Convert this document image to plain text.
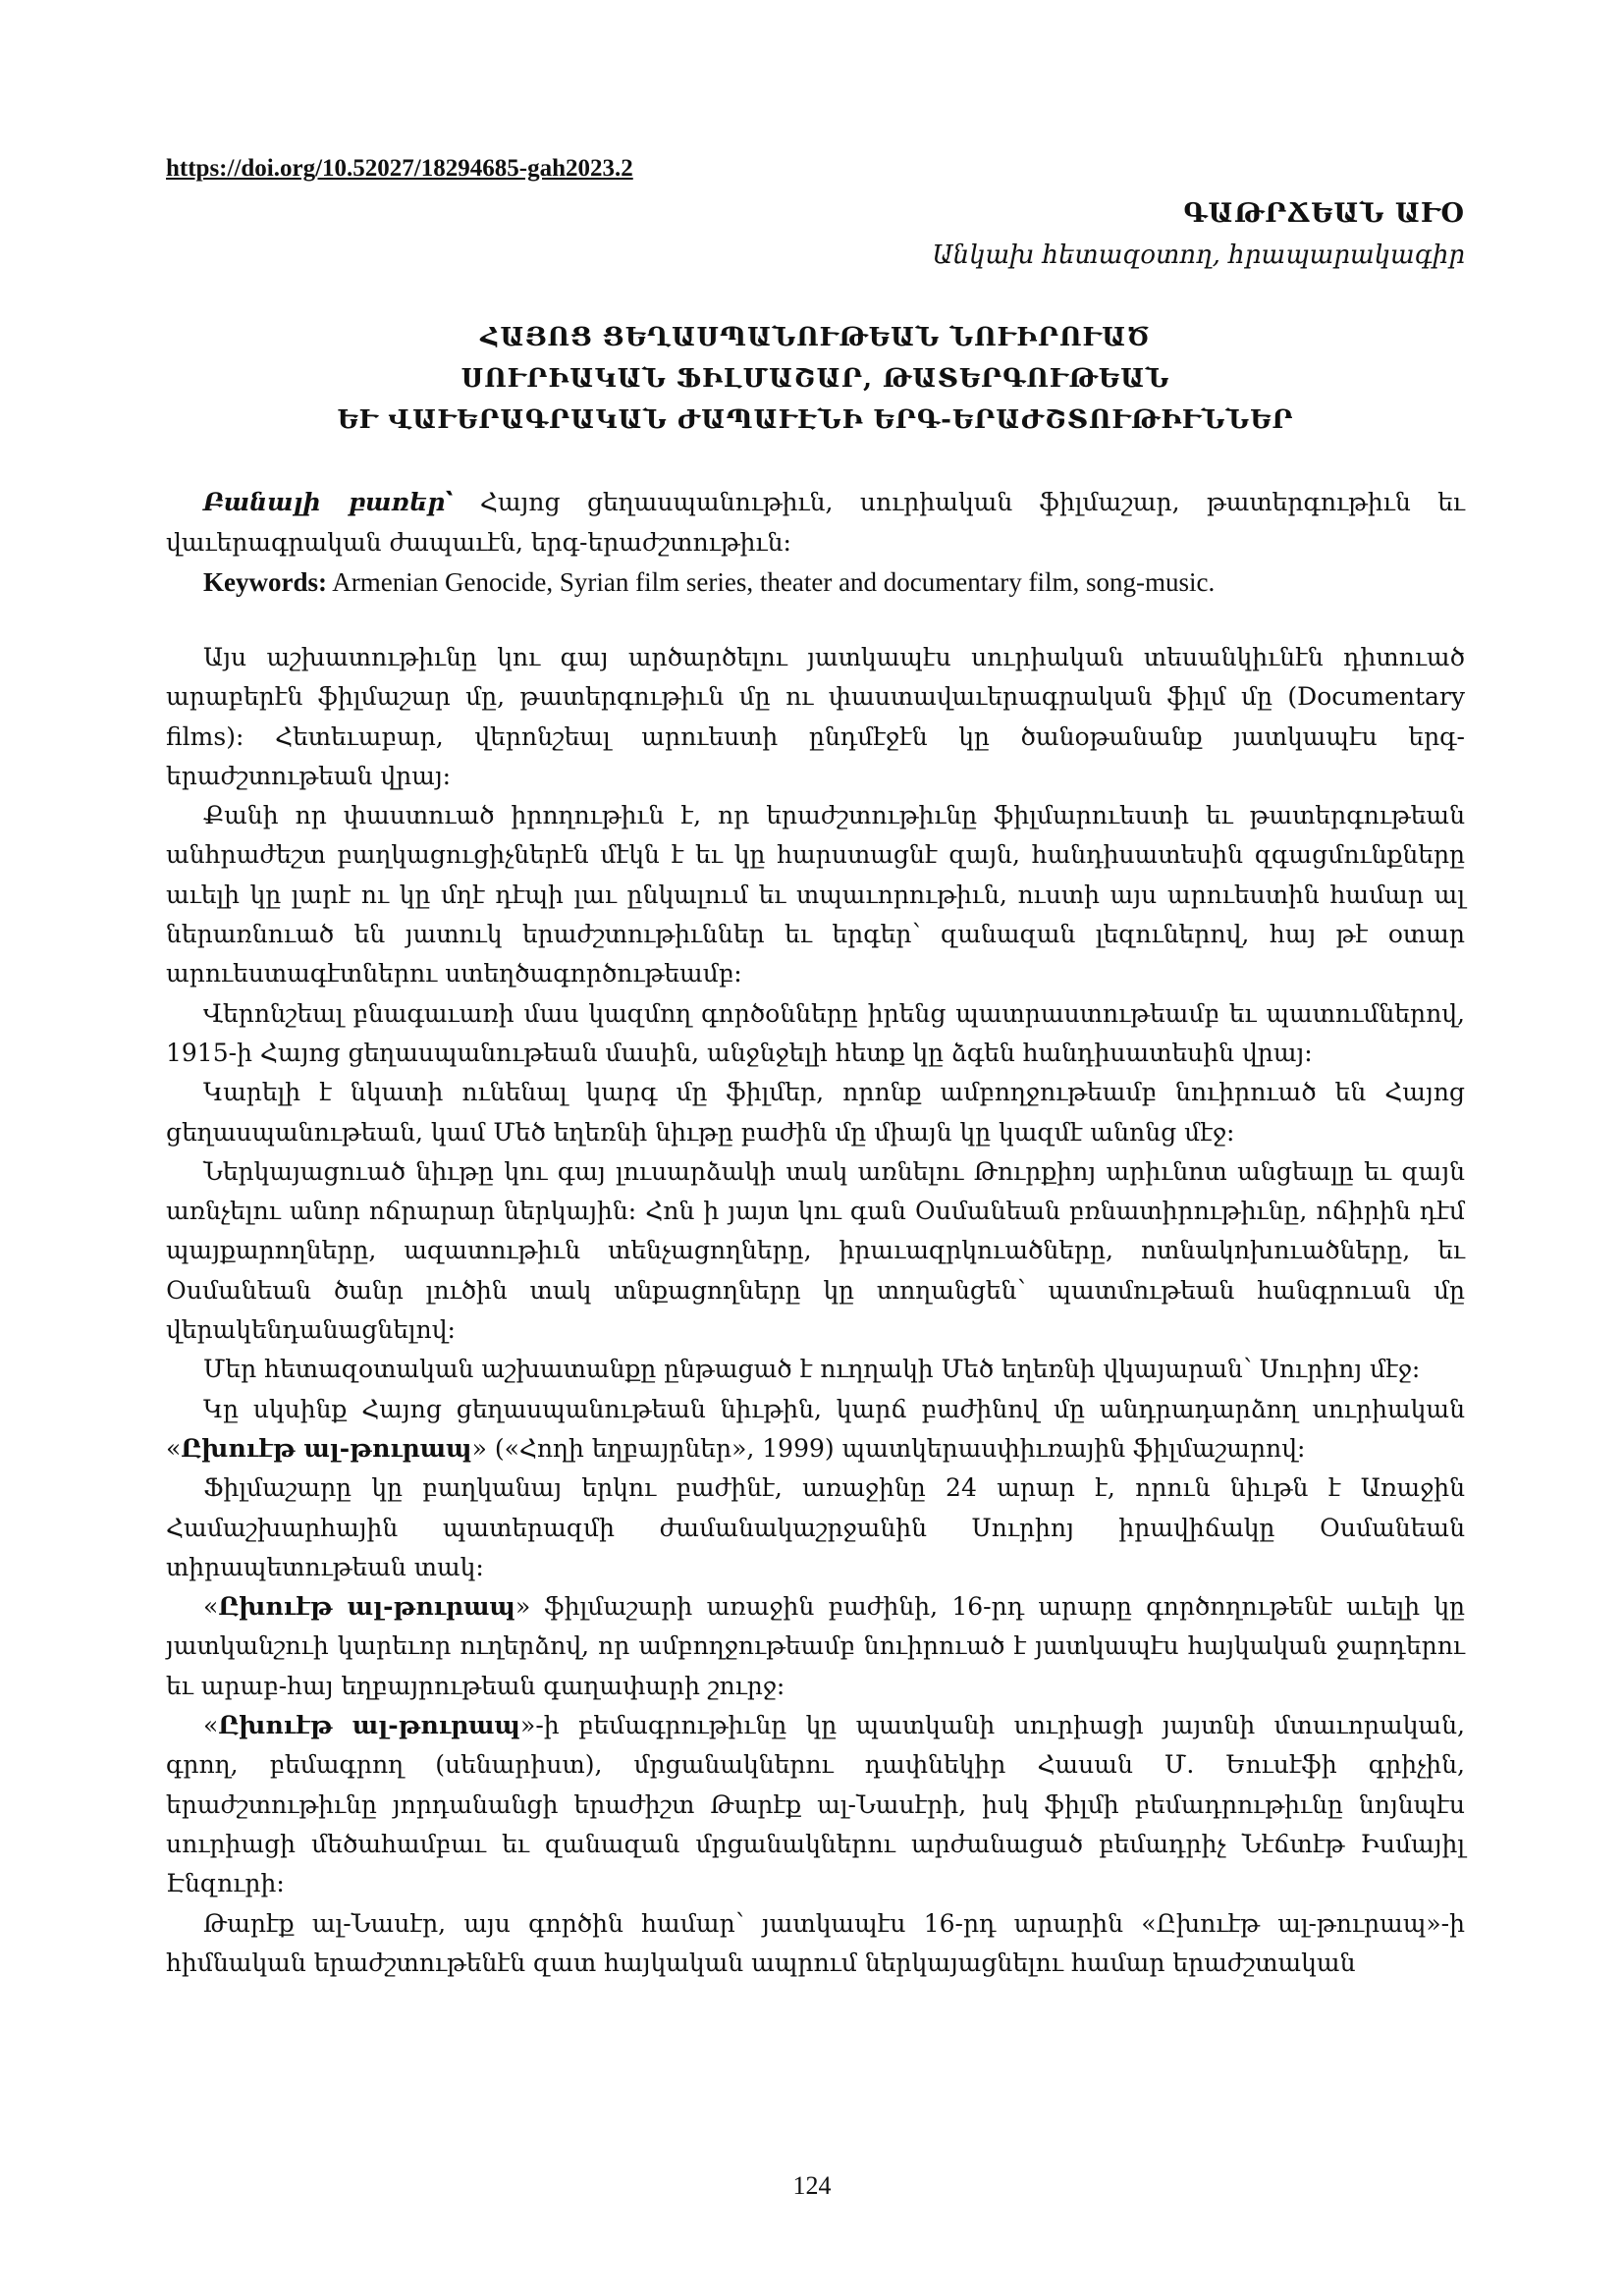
https://doi.org/10.52027/18294685-gah2023.2
ԳԱԹՐՃԵԱՆ ԱՒՕ
Անկախ հետազօտող, հրապարակագիր
ՀԱՅՈՑ ՑԵՂԱՍՊԱՆՈՒԹԵԱՆ ՆՈՒԻՐՈՒԱԾ
ՍՈՒՐԻԱԿԱՆ ՖԻԼՄԱՇԱՐ, ԹԱՏԵՐԳՈՒԹԵԱՆ
ԵՒ ՎԱՒԵՐԱԳՐԱԿԱՆ ԺԱՊԱՒԷՆԻ ԵՐԳ-ԵՐԱԺՇՏՈՒԹԻՒՆՆԵՐ
Բանալի բառեր՝ Հայոց ցեղասպանութիւն, սուրիական ֆիլմաշար, թատերգութիւն եւ վաւերագրական ժապաւէն, երգ-երաժշտութիւն։
Keywords: Armenian Genocide, Syrian film series, theater and documentary film, song-music.

Այս աշխատութիւնը կու գայ արծարծելու յատկապէս սուրիական տեսանկիւնէն դիտուած արաբերէն ֆիլմաշար մը, թատերգութիւն մը ու փաստավաւերագրական ֆիլմ մը (Documentary films)։ Հետեւաբար, վերոնշեալ արուեստի ընդմէջէն կը ծանօթանանք յատկապէս երգ-երաժշտութեան վրայ։

Քանի որ փաստուած իրողութիւն է, որ երաժշտութիւնը ֆիլմարուեստի եւ թատերգութեան անհրաժեշտ բաղկացուցիչներէն մէկն է եւ կը հարստացնէ զայն, հանդիսատեսին զգացմունքները աւելի կը լարէ ու կը մղէ դէպի լաւ ընկալում եւ տպաւորութիւն, ուստի այս արուեստին համար ալ ներառնուած են յատուկ երաժշտութիւններ եւ երգեր՝ զանազան լեզուներով, հայ թէ օտար արուեստագէտներու ստեղծագործութեամբ։

Վերոնշեալ բնագաւառի մաս կազմող գործօնները իրենց պատրաստութեամբ եւ պատումներով, 1915-ի Հայոց ցեղասպանութեան մասին, անջնջելի հետք կը ձգեն հանդիսատեսին վրայ։

Կարելի է նկատի ունենալ կարգ մը ֆիլմեր, որոնք ամբողջութեամբ նուիրուած են Հայոց ցեղասպանութեան, կամ Մեծ եղեռնի նիւթը բաժին մը միայն կը կազմէ անոնց մէջ։

Ներկայացուած նիւթը կու գայ լուսարձակի տակ առնելու Թուրքիոյ արիւնոտ անցեալը եւ զայն առնչելու անոր ոճրարար ներկային։ Հոն ի յայտ կու գան Օսմանեան բռնատիրութիւնը, ոճիրին դէմ պայքարողները, ազատութիւն տենչացողները, իրաւազրկուածները, ոտնակոխուածները, եւ Օսմանեան ծանր լուծին տակ տնքացողները կը տողանցեն՝ պատմութեան հանգրուան մը վերակենդանացնելով։

Մեր հետազօտական աշխատանքը ընթացած է ուղղակի Մեծ եղեռնի վկայարան՝ Սուրիոյ մէջ։

Կը սկսինք Հայոց ցեղասպանութեան նիւթին, կարճ բաժինով մը անդրադարձող սուրիական «Ըխուէթ ալ-թուրապ» («Հողի եղբայրներ», 1999) պատկերասփիւռային ֆիլմաշարով։

Ֆիլմաշարը կը բաղկանայ երկու բաժինէ, առաջինը 24 արար է, որուն նիւթն է Առաջին Համաշխարհային պատերազմի ժամանակաշրջանին Սուրիոյ իրավիճակը Օսմանեան տիրապետութեան տակ։

«Ըխուէթ ալ-թուրապ» ֆիլմաշարի առաջին բաժինի, 16-րդ արարը գործողութենէ աւելի կը յատկանշուի կարեւոր ուղերձով, որ ամբողջութեամբ նուիրուած է յատկապէս հայկական ջարդերու եւ արաբ-հայ եղբայրութեան գաղափարի շուրջ։

«Ըխուէթ ալ-թուրապ»-ի բեմագրութիւնը կը պատկանի սուրիացի յայտնի մտաւորական, գրող, բեմագրող (սենարիստ), մրցանակներու դափնեկիր Հասան Մ. Եուսէֆի գրիչին, երաժշտութիւնը յորդանանցի երաժիշտ Թարէք ալ-Նասէրի, իսկ ֆիլմի բեմադրութիւնը նոյնպէս սուրիացի մեծահամբաւ եւ զանազան մրցանակներու արժանացած բեմադրիչ Նէճտէթ Իսմայիլ Էնզուրի։

Թարէք ալ-Նասէր, այս գործին համար՝ յատկապէս 16-րդ արարին «Ըխուէթ ալ-թուրապ»-ի հիմնական երաժշտութենէն զատ հայկական ապրում ներկայացնելու համար երաժշտական

124
